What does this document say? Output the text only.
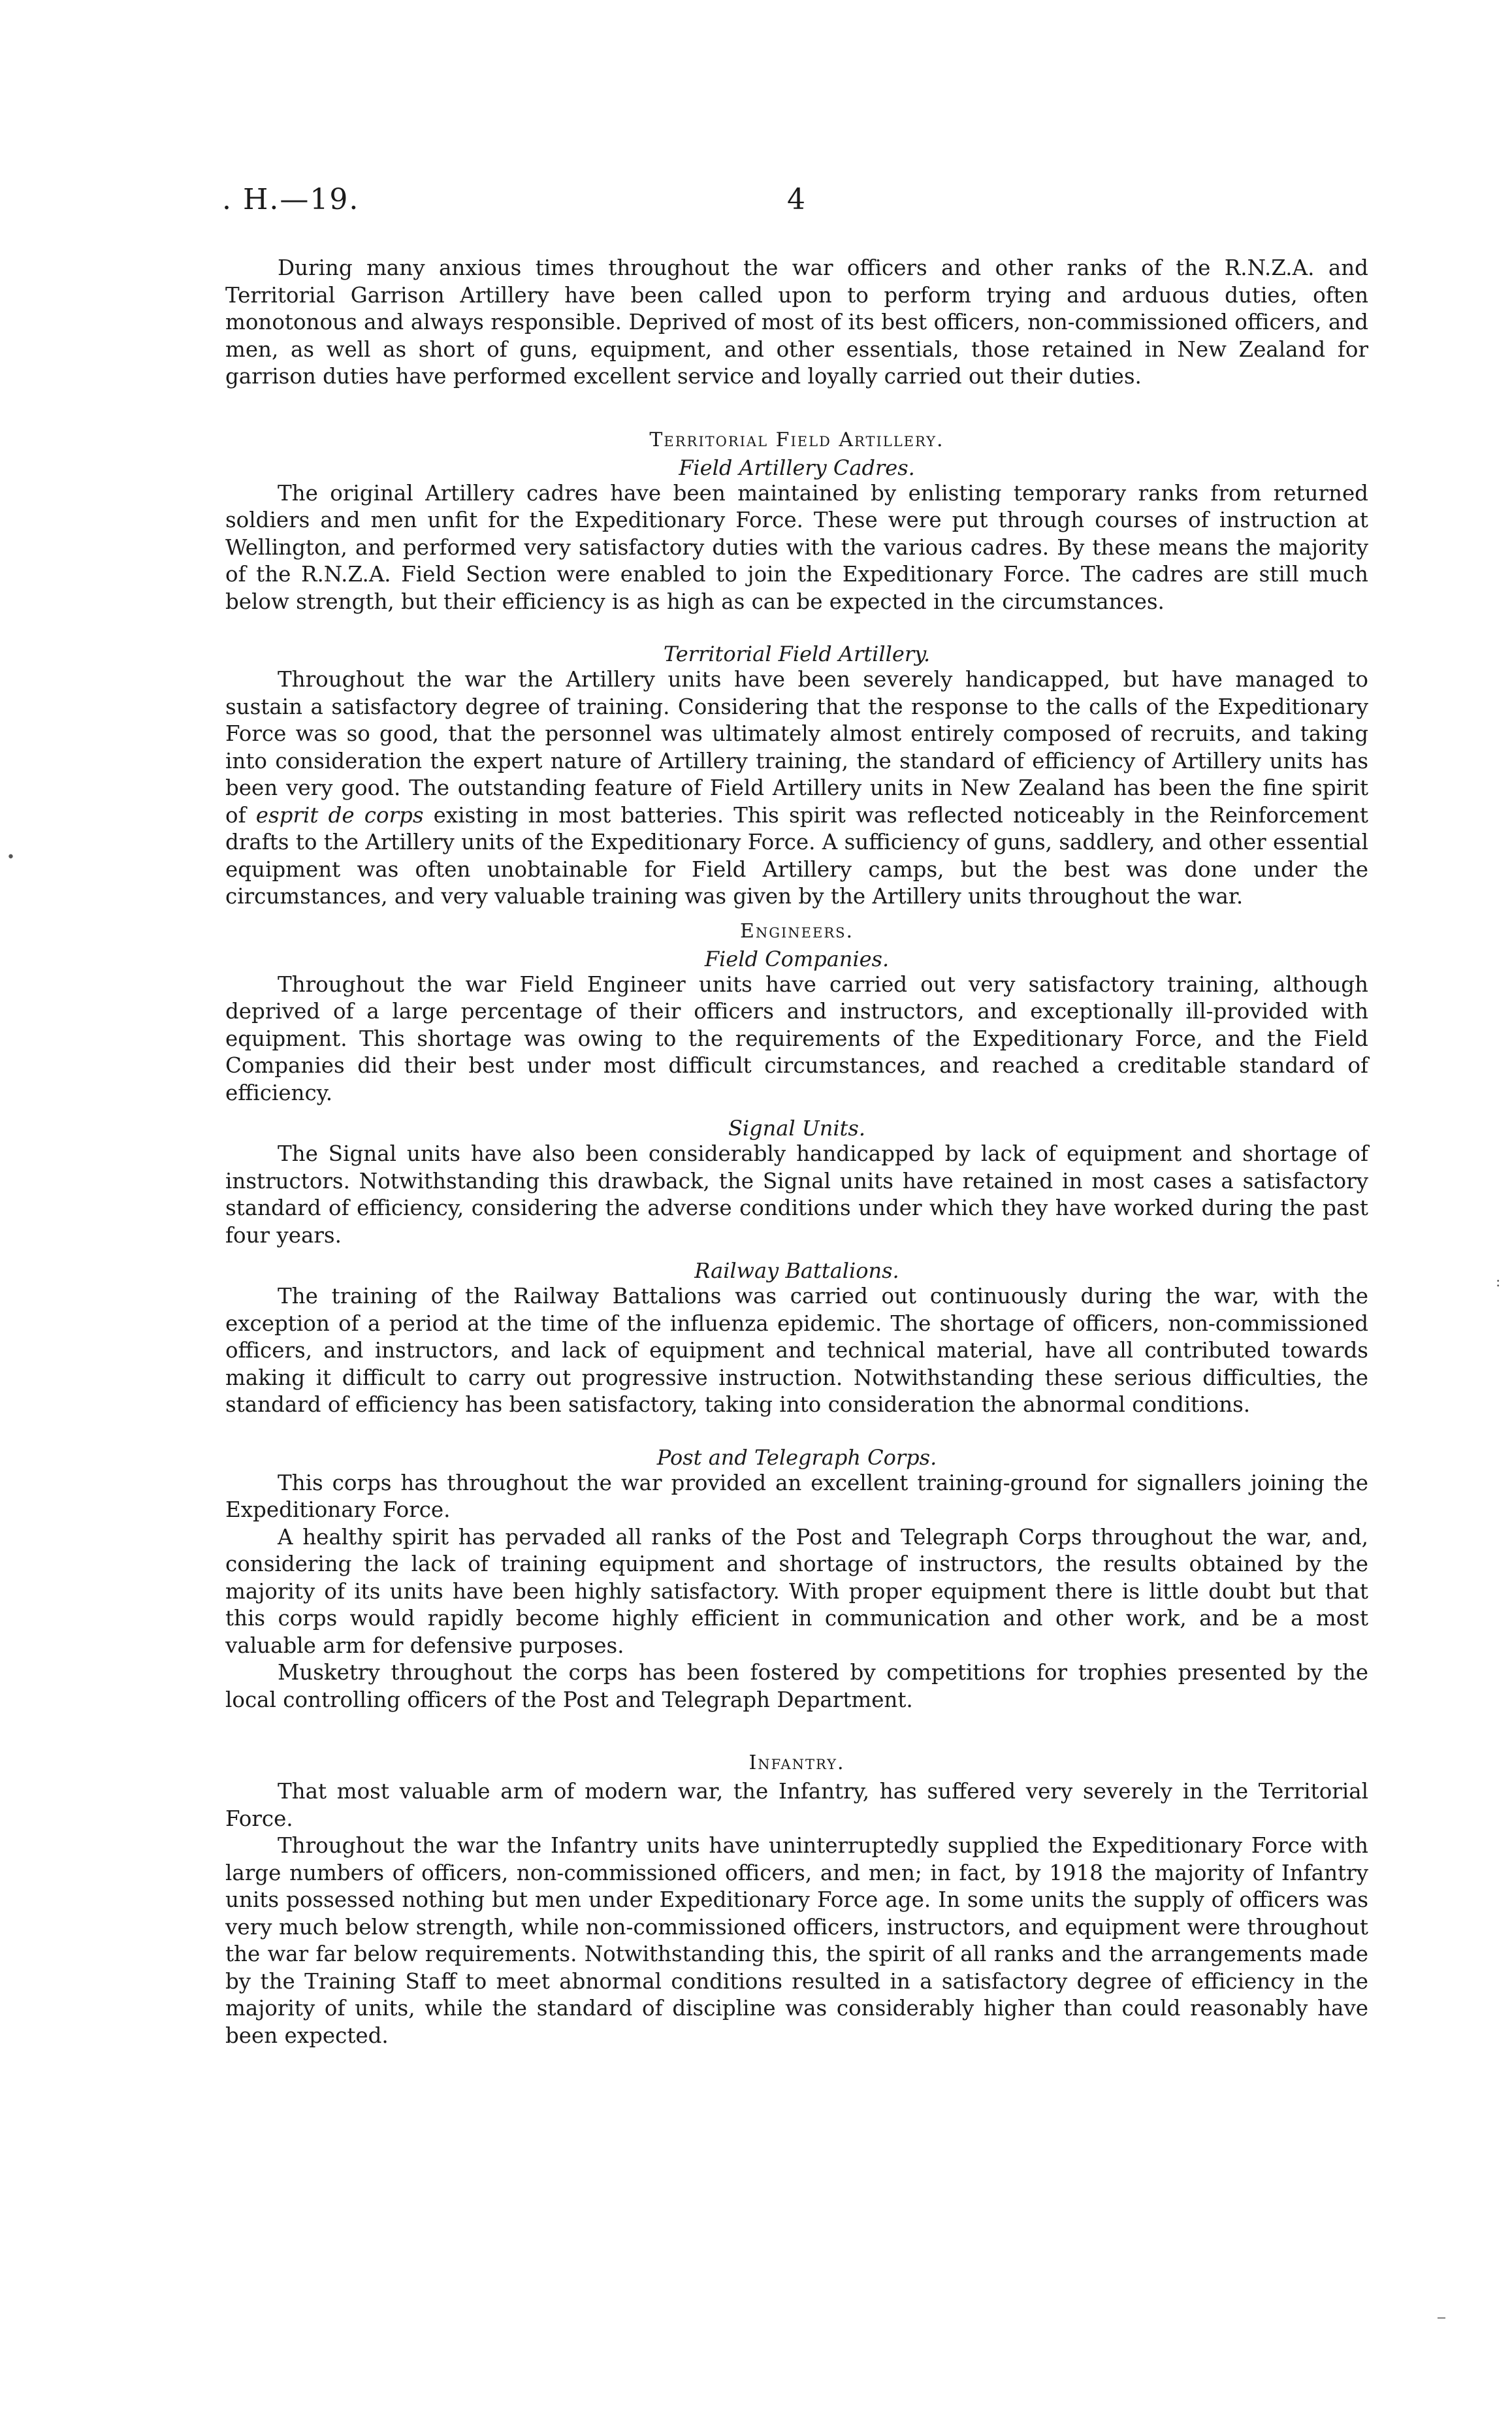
. H.—19.	4

During many anxious times throughout the war officers and other ranks of the R.N.Z.A. and Territorial Garrison Artillery have been called upon to perform trying and arduous duties, often monotonous and always responsible. Deprived of most of its best officers, non-commissioned officers, and men, as well as short of guns, equipment, and other essentials, those retained in New Zealand for garrison duties have performed excellent service and loyally carried out their duties.

Territorial Field Artillery.

Field Artillery Cadres.

The original Artillery cadres have been maintained by enlisting temporary ranks from returned soldiers and men unfit for the Expeditionary Force. These were put through courses of instruction at Wellington, and performed very satisfactory duties with the various cadres. By these means the majority of the R.N.Z.A. Field Section were enabled to join the Expeditionary Force. The cadres are still much below strength, but their efficiency is as high as can be expected in the circumstances.

Territorial Field Artillery.

Throughout the war the Artillery units have been severely handicapped, but have managed to sustain a satisfactory degree of training. Considering that the response to the calls of the Expeditionary Force was so good, that the personnel was ultimately almost entirely composed of recruits, and taking into consideration the expert nature of Artillery training, the standard of efficiency of Artillery units has been very good. The outstanding feature of Field Artillery units in New Zealand has been the fine spirit of esprit de corps existing in most batteries. This spirit was reflected noticeably in the Reinforcement drafts to the Artillery units of the Expeditionary Force. A sufficiency of guns, saddlery, and other essential equipment was often unobtainable for Field Artillery camps, but the best was done under the circumstances, and very valuable training was given by the Artillery units throughout the war.

Engineers.

Field Companies.

Throughout the war Field Engineer units have carried out very satisfactory training, although deprived of a large percentage of their officers and instructors, and exceptionally ill-provided with equipment. This shortage was owing to the requirements of the Expeditionary Force, and the Field Companies did their best under most difficult circumstances, and reached a creditable standard of efficiency.

Signal Units.

The Signal units have also been considerably handicapped by lack of equipment and shortage of instructors. Notwithstanding this drawback, the Signal units have retained in most cases a satisfactory standard of efficiency, considering the adverse conditions under which they have worked during the past four years.

Railway Battalions.

The training of the Railway Battalions was carried out continuously during the war, with the exception of a period at the time of the influenza epidemic. The shortage of officers, non-commissioned officers, and instructors, and lack of equipment and technical material, have all contributed towards making it difficult to carry out progressive instruction. Notwithstanding these serious difficulties, the standard of efficiency has been satisfactory, taking into consideration the abnormal conditions.

Post and Telegraph Corps.

This corps has throughout the war provided an excellent training-ground for signallers joining the Expeditionary Force.

A healthy spirit has pervaded all ranks of the Post and Telegraph Corps throughout the war, and, considering the lack of training equipment and shortage of instructors, the results obtained by the majority of its units have been highly satisfactory. With proper equipment there is little doubt but that this corps would rapidly become highly efficient in communication and other work, and be a most valuable arm for defensive purposes.

Musketry throughout the corps has been fostered by competitions for trophies presented by the local controlling officers of the Post and Telegraph Department.

Infantry.

That most valuable arm of modern war, the Infantry, has suffered very severely in the Territorial Force.

Throughout the war the Infantry units have uninterruptedly supplied the Expeditionary Force with large numbers of officers, non-commissioned officers, and men; in fact, by 1918 the majority of Infantry units possessed nothing but men under Expeditionary Force age. In some units the supply of officers was very much below strength, while non-commissioned officers, instructors, and equipment were throughout the war far below requirements. Notwithstanding this, the spirit of all ranks and the arrangements made by the Training Staff to meet abnormal conditions resulted in a satisfactory degree of efficiency in the majority of units, while the standard of discipline was considerably higher than could reasonably have been expected.

•
:
‒
